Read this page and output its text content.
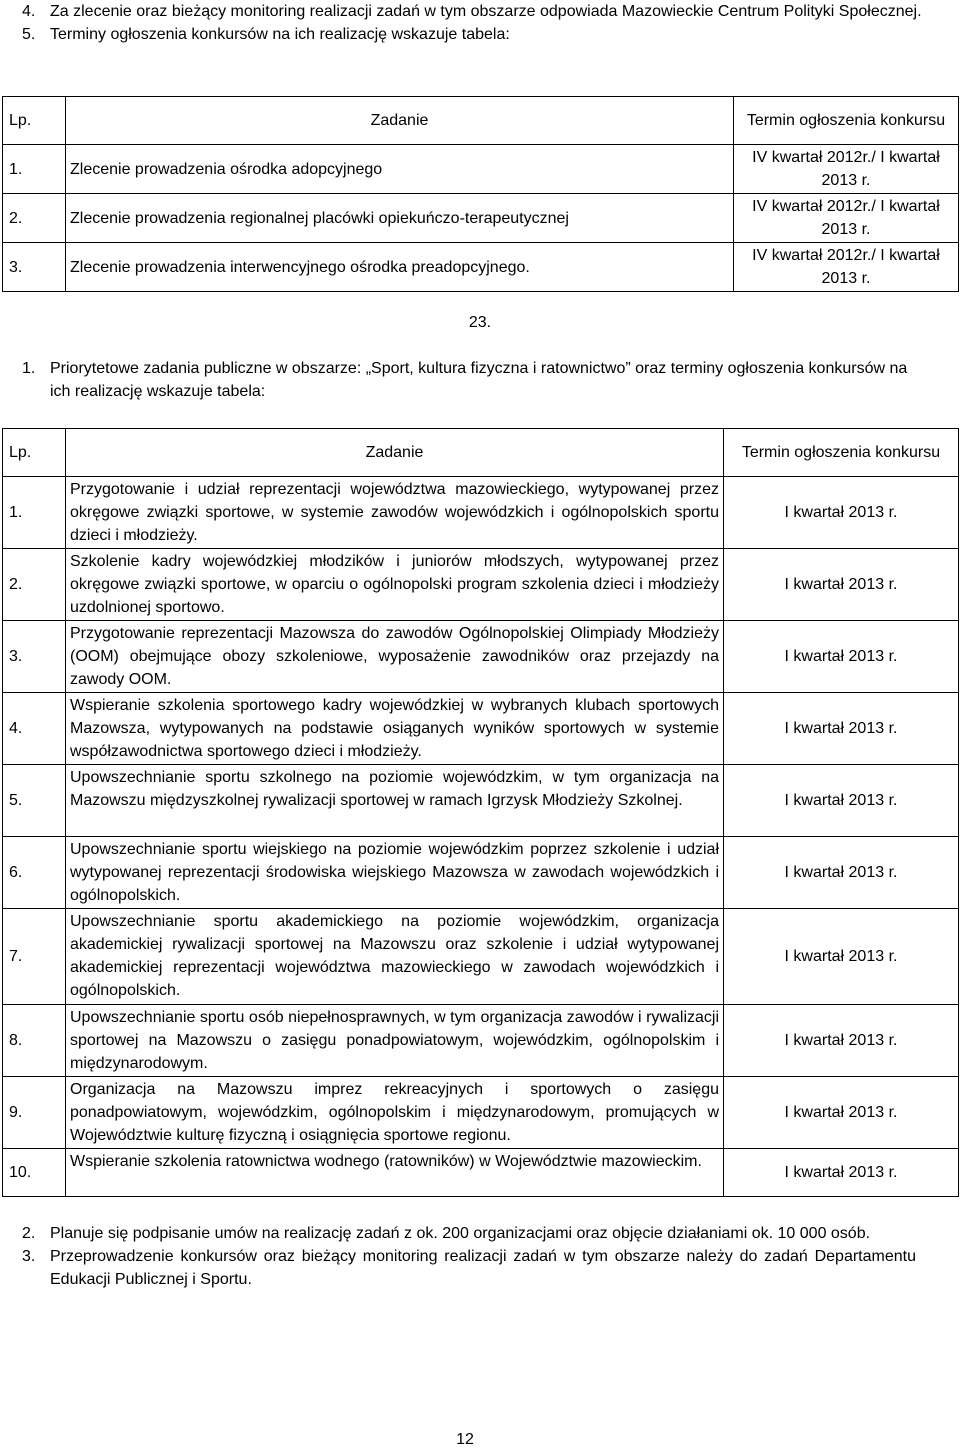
4. Za zlecenie oraz bieżący monitoring realizacji zadań w tym obszarze odpowiada Mazowieckie Centrum Polityki Społecznej.
5. Terminy ogłoszenia konkursów na ich realizację wskazuje tabela:
Lp.	Zadanie	Termin ogłoszenia konkursu
1.	Zlecenie prowadzenia ośrodka adopcyjnego	IV kwartał 2012r./ I kwartał 2013 r.
2.	Zlecenie prowadzenia regionalnej placówki opiekuńczo-terapeutycznej	IV kwartał 2012r./ I kwartał 2013 r.
3.	Zlecenie prowadzenia interwencyjnego ośrodka preadopcyjnego.	IV kwartał 2012r./ I kwartał 2013 r.
23.
1. Priorytetowe zadania publiczne w obszarze: „Sport, kultura fizyczna i ratownictwo” oraz terminy ogłoszenia konkursów na ich realizację wskazuje tabela:
Lp.	Zadanie	Termin ogłoszenia konkursu
1.	Przygotowanie i udział reprezentacji województwa mazowieckiego, wytypowanej przez okręgowe związki sportowe, w systemie zawodów wojewódzkich i ogólnopolskich sportu dzieci i młodzieży.	I kwartał 2013 r.
2.	Szkolenie kadry wojewódzkiej młodzików i juniorów młodszych, wytypowanej przez okręgowe związki sportowe, w oparciu o ogólnopolski program szkolenia dzieci i młodzieży uzdolnionej sportowo.	I kwartał 2013 r.
3.	Przygotowanie reprezentacji Mazowsza do zawodów Ogólnopolskiej Olimpiady Młodzieży (OOM) obejmujące obozy szkoleniowe, wyposażenie zawodników oraz przejazdy na zawody OOM.	I kwartał 2013 r.
4.	Wspieranie szkolenia sportowego kadry wojewódzkiej w wybranych klubach sportowych Mazowsza, wytypowanych na podstawie osiąganych wyników sportowych w systemie współzawodnictwa sportowego dzieci i młodzieży.	I kwartał 2013 r.
5.	Upowszechnianie sportu szkolnego na poziomie wojewódzkim, w tym organizacja na Mazowszu międzyszkolnej rywalizacji sportowej w ramach Igrzysk Młodzieży Szkolnej.	I kwartał 2013 r.
6.	Upowszechnianie sportu wiejskiego na poziomie wojewódzkim poprzez szkolenie i udział wytypowanej reprezentacji środowiska wiejskiego Mazowsza w zawodach wojewódzkich i ogólnopolskich.	I kwartał 2013 r.
7.	Upowszechnianie sportu akademickiego na poziomie wojewódzkim, organizacja akademickiej rywalizacji sportowej na Mazowszu oraz szkolenie i udział wytypowanej akademickiej reprezentacji województwa mazowieckiego w zawodach wojewódzkich i ogólnopolskich.	I kwartał 2013 r.
8.	Upowszechnianie sportu osób niepełnosprawnych, w tym organizacja zawodów i rywalizacji sportowej na Mazowszu o zasięgu ponadpowiatowym, wojewódzkim, ogólnopolskim i międzynarodowym.	I kwartał 2013 r.
9.	Organizacja na Mazowszu imprez rekreacyjnych i sportowych o zasięgu ponadpowiatowym, wojewódzkim, ogólnopolskim i międzynarodowym, promujących w Województwie kulturę fizyczną i osiągnięcia sportowe regionu.	I kwartał 2013 r.
10.	Wspieranie szkolenia ratownictwa wodnego (ratowników) w Województwie mazowieckim.	I kwartał 2013 r.
2. Planuje się podpisanie umów na realizację zadań z ok. 200 organizacjami oraz objęcie działaniami ok. 10 000 osób.
3. Przeprowadzenie konkursów oraz bieżący monitoring realizacji zadań w tym obszarze należy do zadań Departamentu Edukacji Publicznej i Sportu.
12
